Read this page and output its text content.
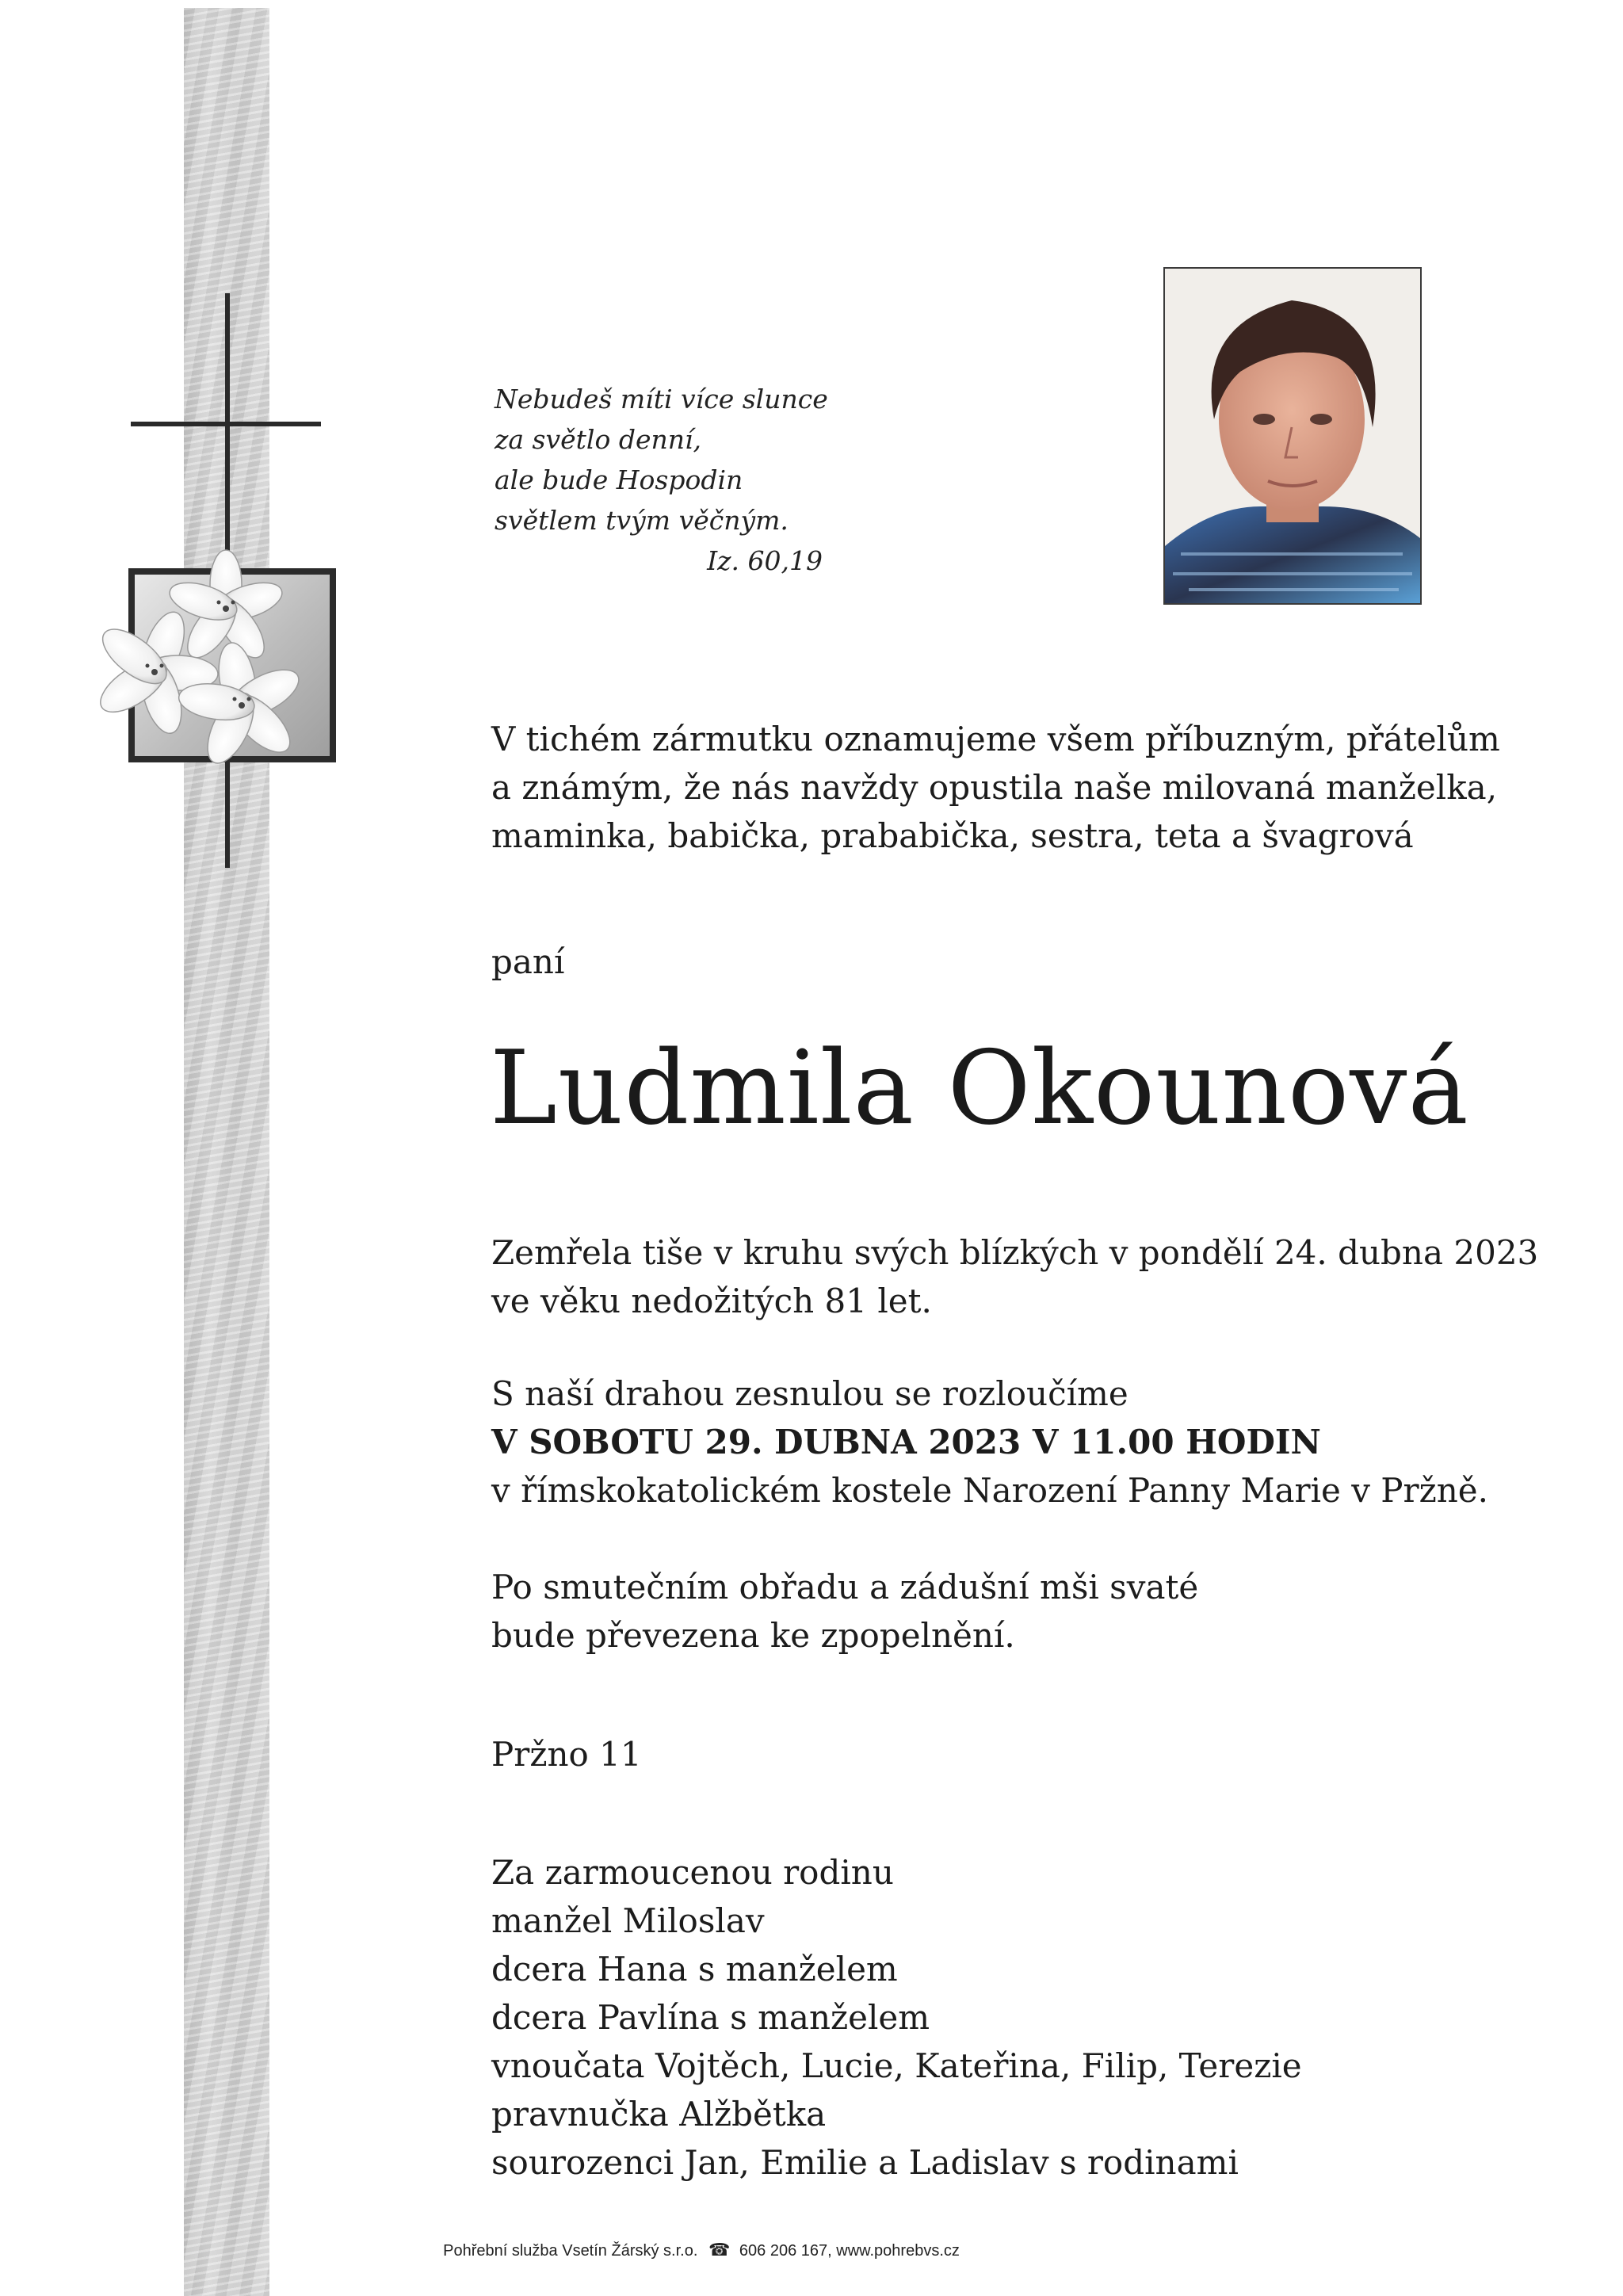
Nebudeš míti více slunce
za světlo denní,
ale bude Hospodin
světlem tvým věčným.
Iz. 60,19
V tichém zármutku oznamujeme všem příbuzným, přátelům
a známým, že nás navždy opustila naše milovaná manželka,
maminka, babička, prababička, sestra, teta a švagrová
paní
Ludmila Okounová
Zemřela tiše v kruhu svých blízkých v pondělí 24. dubna 2023
ve věku nedožitých 81 let.
S naší drahou zesnulou se rozloučíme
V SOBOTU 29. DUBNA 2023 V 11.00 HODIN
v římskokatolickém kostele Narození Panny Marie v Pržně.
Po smutečním obřadu a zádušní mši svaté
bude převezena ke zpopelnění.
Pržno 11
Za zarmoucenou rodinu
manžel Miloslav
dcera Hana s manželem
dcera Pavlína s manželem
vnoučata Vojtěch, Lucie, Kateřina, Filip, Terezie
pravnučka Alžbětka
sourozenci Jan, Emilie a Ladislav s rodinami
Pohřební služba Vsetín Žárský s.r.o. ☎ 606 206 167, www.pohrebvs.cz
